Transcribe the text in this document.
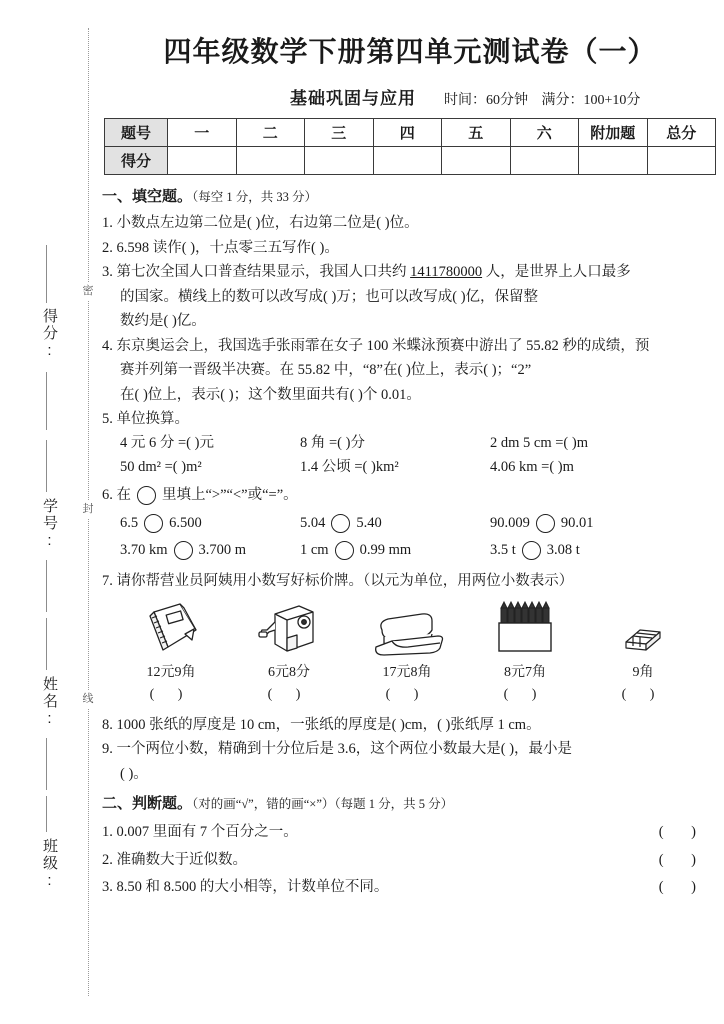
密
封
线
得分:
学号:
姓名:
班级:
四年级数学下册第四单元测试卷（一）
基础巩固与应用 时间：60分钟 满分：100+10分
题号	一	二	三	四	五	六	附加题	总分
得分								
一、填空题。（每空 1 分，共 33 分）
1. 小数点左边第二位是( )位，右边第二位是( )位。
2. 6.598 读作( )，十点零三五写作( )。
3. 第七次全国人口普查结果显示，我国人口共约 1411780000 人，是世界上人口最多
的国家。横线上的数可以改写成( )万；也可以改写成( )亿，保留整
数约是( )亿。
4. 东京奥运会上，我国选手张雨霏在女子 100 米蝶泳预赛中游出了 55.82 秒的成绩，预
赛并列第一晋级半决赛。在 55.82 中，“8”在( )位上，表示( )；“2”
在( )位上，表示( )；这个数里面共有( )个 0.01。
5. 单位换算。
4 元 6 分 =( )元	8 角 =( )分	2 dm 5 cm =( )m
50 dm² =( )m²	1.4 公顷 =( )km²	4.06 km =( )m
6. 在 里填上“>”“<”或“=”。
6.5 6.500	5.04 5.40	90.009 90.01
3.70 km 3.700 m	1 cm 0.99 mm	3.5 t 3.08 t
7. 请你帮营业员阿姨用小数写好标价牌。（以元为单位，用两位小数表示）
12元9角
( )
6元8分
( )
17元8角
( )
8元7角
( )
9角
( )
8. 1000 张纸的厚度是 10 cm，一张纸的厚度是( )cm，( )张纸厚 1 cm。
9. 一个两位小数，精确到十分位后是 3.6，这个两位小数最大是( )，最小是
( )。
二、判断题。（对的画“√”，错的画“×”）（每题 1 分，共 5 分）
1. 0.007 里面有 7 个百分之一。	( )
2. 准确数大于近似数。	( )
3. 8.50 和 8.500 的大小相等，计数单位不同。	( )
